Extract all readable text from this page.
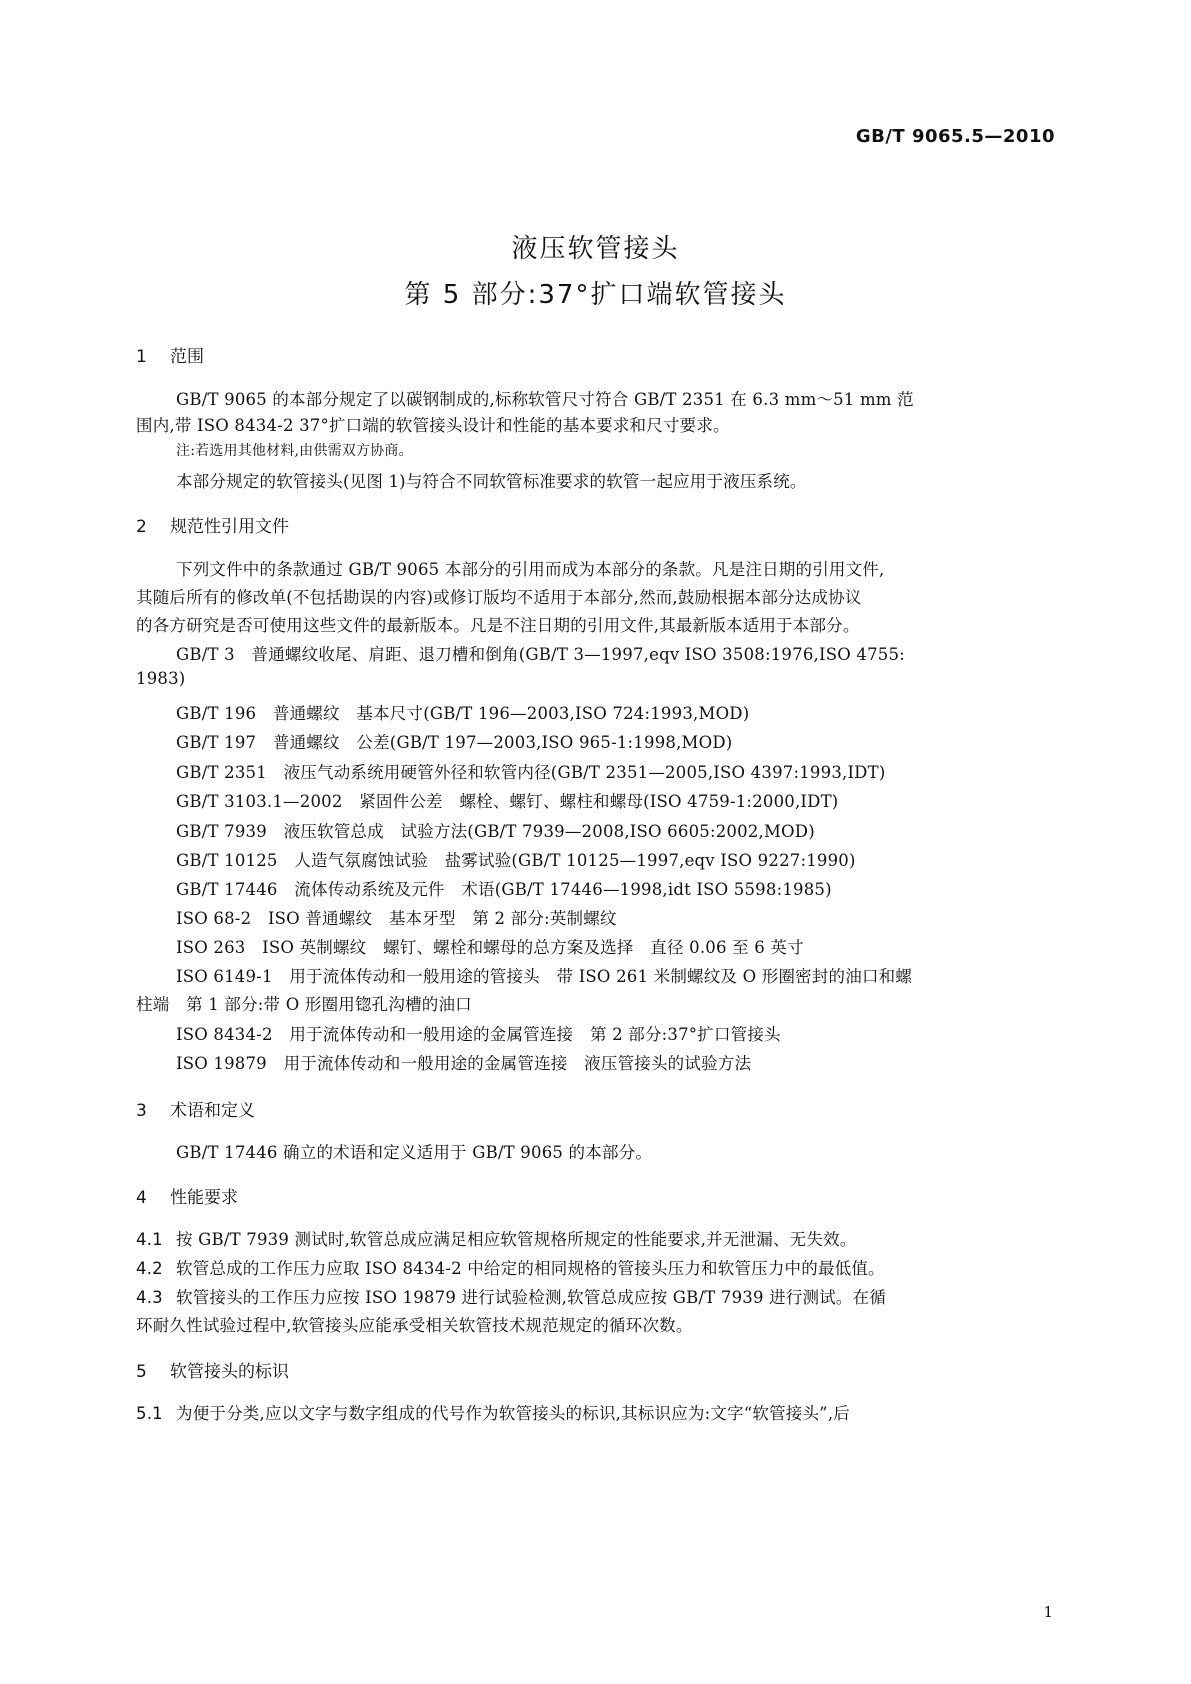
GB/T 9065.5—2010
液压软管接头
第 5 部分:37°扩口端软管接头
1 范围
GB/T 9065 的本部分规定了以碳钢制成的,标称软管尺寸符合 GB/T 2351 在 6.3 mm～51 mm 范
围内,带 ISO 8434-2 37°扩口端的软管接头设计和性能的基本要求和尺寸要求。
注:若选用其他材料,由供需双方协商。
本部分规定的软管接头(见图 1)与符合不同软管标准要求的软管一起应用于液压系统。
2 规范性引用文件
下列文件中的条款通过 GB/T 9065 本部分的引用而成为本部分的条款。凡是注日期的引用文件,
其随后所有的修改单(不包括勘误的内容)或修订版均不适用于本部分,然而,鼓励根据本部分达成协议
的各方研究是否可使用这些文件的最新版本。凡是不注日期的引用文件,其最新版本适用于本部分。
GB/T 3　普通螺纹收尾、肩距、退刀槽和倒角(GB/T 3—1997,eqv ISO 3508:1976,ISO 4755:
1983)
GB/T 196　普通螺纹　基本尺寸(GB/T 196—2003,ISO 724:1993,MOD)
GB/T 197　普通螺纹　公差(GB/T 197—2003,ISO 965-1:1998,MOD)
GB/T 2351　液压气动系统用硬管外径和软管内径(GB/T 2351—2005,ISO 4397:1993,IDT)
GB/T 3103.1—2002　紧固件公差　螺栓、螺钉、螺柱和螺母(ISO 4759-1:2000,IDT)
GB/T 7939　液压软管总成　试验方法(GB/T 7939—2008,ISO 6605:2002,MOD)
GB/T 10125　人造气氛腐蚀试验　盐雾试验(GB/T 10125—1997,eqv ISO 9227:1990)
GB/T 17446　流体传动系统及元件　术语(GB/T 17446—1998,idt ISO 5598:1985)
ISO 68-2　ISO 普通螺纹　基本牙型　第 2 部分:英制螺纹
ISO 263　ISO 英制螺纹　螺钉、螺栓和螺母的总方案及选择　直径 0.06 至 6 英寸
ISO 6149-1　用于流体传动和一般用途的管接头　带 ISO 261 米制螺纹及 O 形圈密封的油口和螺
柱端　第 1 部分:带 O 形圈用锪孔沟槽的油口
ISO 8434-2　用于流体传动和一般用途的金属管连接　第 2 部分:37°扩口管接头
ISO 19879　用于流体传动和一般用途的金属管连接　液压管接头的试验方法
3 术语和定义
GB/T 17446 确立的术语和定义适用于 GB/T 9065 的本部分。
4 性能要求
4.1 按 GB/T 7939 测试时,软管总成应满足相应软管规格所规定的性能要求,并无泄漏、无失效。
4.2 软管总成的工作压力应取 ISO 8434-2 中给定的相同规格的管接头压力和软管压力中的最低值。
4.3 软管接头的工作压力应按 ISO 19879 进行试验检测,软管总成应按 GB/T 7939 进行测试。在循
环耐久性试验过程中,软管接头应能承受相关软管技术规范规定的循环次数。
5 软管接头的标识
5.1 为便于分类,应以文字与数字组成的代号作为软管接头的标识,其标识应为:文字“软管接头”,后
1
